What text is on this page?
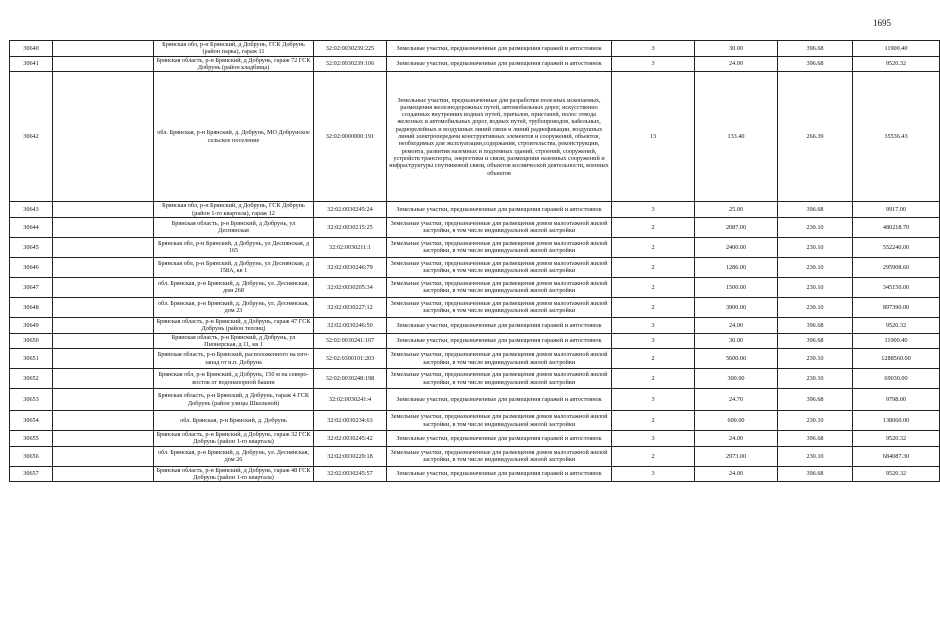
1695
30640		Брянская обл, р-н Брянский, д Добрунь, ГСК Добрунь (район парка), гараж 11	32:02:0030239:225	Земельные участки, предназначенные для размещения гаражей и автостоянок	3	30.00	396.68	11900.40
30641		Брянская область, р-н Брянский, д Добрунь, гараж 72 ГСК Добрунь (район кладбища)	32:02:0030239:106	Земельные участки, предназначенные для размещения гаражей и автостоянок	3	24.00	396.68	9520.32
30642		обл. Брянская, р-н Брянский, д. Добрунь, МО Добрунское сельское поселение	32:02:0000000:191	Земельные участки, предназначенные для разработки полезных ископаемых, размещения железнодорожных путей, автомобильных дорог, искусственно созданных внутренних водных путей, причалов, пристаней, полос отвода железных и автомобильных дорог, водных путей, трубопроводов, кабельных, радиорелейных и воздушных линий связи и линий радиофикации, воздушных линий электропередачи конструктивных элементов и сооружений, объектов, необходимых для эксплуатации,содержания, строительства, реконструкции, ремонта, развития наземных и подземных зданий, строений, сооружений, устройств транспорта, энергетики и связи; размещения наземных сооружений и инфраструктуры спутниковой связи, объектов космической деятельности, военных объектов	13	133.40	266.39	35536.43
30643		Брянская обл, р-н Брянский, д Добрунь, ГСК Добрунь (район 1-го квартала), гараж 12	32:02:0030245:24	Земельные участки, предназначенные для размещения гаражей и автостоянок	3	25.00	396.68	9917.00
30644		Брянская область, р-н Брянский, д Добрунь, ул Деснянская	32:02:0030215:25	Земельные участки, предназначенные для размещения домов малоэтажной жилой застройки, в том числе индивидуальной жилой застройки	2	2087.00	230.10	480218.70
30645		Брянская обл, р-н Брянский, д Добрунь, ул Деснянская, д 165	32:02:0030211:1	Земельные участки, предназначенные для размещения домов малоэтажной жилой застройки, в том числе индивидуальной жилой застройки	2	2400.00	230.10	552240.00
30646		Брянская обл, р-н Брянский, д Добрунь, ул Деснянская, д 158А, кв 1	32:02:0030246:79	Земельные участки, предназначенные для размещения домов малоэтажной жилой застройки, в том числе индивидуальной жилой застройки	2	1286.00	230.10	295908.60
30647		обл. Брянская, р-н Брянский, д. Добрунь, ул. Деснянская, дом 268	32:02:0030205:34	Земельные участки, предназначенные для размещения домов малоэтажной жилой застройки, в том числе индивидуальной жилой застройки	2	1500.00	230.10	345150.00
30648		обл. Брянская, р-н Брянский, д. Добрунь, ул. Деснянская, дом 23	32:02:0030227:12	Земельные участки, предназначенные для размещения домов малоэтажной жилой застройки, в том числе индивидуальной жилой застройки	2	3900.00	230.10	897390.00
30649		Брянская область, р-н Брянский, д Добрунь, гараж 47 ГСК Добрунь (район теплиц)	32:02:0030246:50	Земельные участки, предназначенные для размещения гаражей и автостоянок	3	24.00	396.68	9520.32
30650		Брянская область, р-н Брянский, д Добрунь, ул Пионерская, д 11, кв 1	32:02:0030241:107	Земельные участки, предназначенные для размещения гаражей и автостоянок	3	30.00	396.68	11900.40
30651		Брянская область, р-н Брянский, расположенного на юго-запад от н.п. Добрунь	32:02:0300101:203	Земельные участки, предназначенные для размещения домов малоэтажной жилой застройки, в том числе индивидуальной жилой застройки	2	5600.00	230.10	1288560.00
30652		Брянская обл, р-н Брянский, д Добрунь, 150 м на северо-восток от водонапорной башни	32:02:0030248:198	Земельные участки, предназначенные для размещения домов малоэтажной жилой застройки, в том числе индивидуальной жилой застройки	2	300.00	230.10	69030.00
30653		Брянская область, р-н Брянский, д Добрунь, гараж 4 ГСК Добрунь (район улицы Школьной)	32:02:0030241:4	Земельные участки, предназначенные для размещения гаражей и автостоянок	3	24.70	396.68	9798.00
30654		обл. Брянская, р-н Брянский, д. Добрунь	32:02:0030234:63	Земельные участки, предназначенные для размещения домов малоэтажной жилой застройки, в том числе индивидуальной жилой застройки	2	600.00	230.10	138060.00
30655		Брянская область, р-н Брянский, д Добрунь, гараж 32 ГСК Добрунь (район 1-го квартала)	32:02:0030245:42	Земельные участки, предназначенные для размещения гаражей и автостоянок	3	24.00	396.68	9520.32
30656		обл. Брянская, р-н Брянский, д. Добрунь, ул. Деснянская, дом 26	32:02:0030229:18	Земельные участки, предназначенные для размещения домов малоэтажной жилой застройки, в том числе индивидуальной жилой застройки	2	2973.00	230.10	684087.30
30657		Брянская область, р-н Брянский, д Добрунь, гараж 48 ГСК Добрунь (район 1-го квартала)	32:02:0030245:57	Земельные участки, предназначенные для размещения гаражей и автостоянок	3	24.00	396.68	9520.32
